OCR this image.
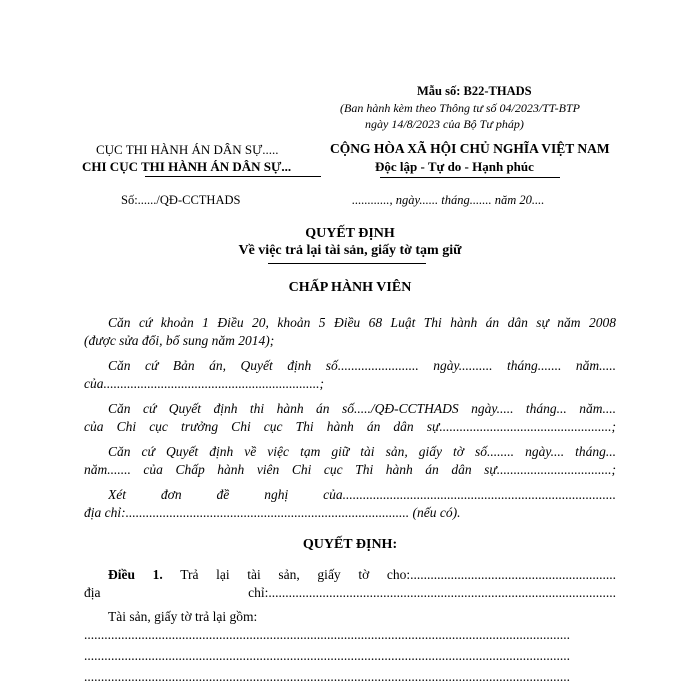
Mẫu số: B22-THADS
(Ban hành kèm theo Thông tư số 04/2023/TT-BTP
ngày 14/8/2023 của Bộ Tư pháp)
CỤC THI HÀNH ÁN DÂN SỰ.....
CHI CỤC THI HÀNH ÁN DÂN SỰ...
CỘNG HÒA XÃ HỘI CHỦ NGHĨA VIỆT NAM
Độc lập - Tự do - Hạnh phúc
Số:....../QĐ-CCTHADS	............, ngày...... tháng....... năm 20....
QUYẾT ĐỊNH
Về việc trả lại tài sản, giấy tờ tạm giữ
CHẤP HÀNH VIÊN
Căn cứ khoản 1 Điều 20, khoản 5 Điều 68 Luật Thi hành án dân sự năm 2008
(được sửa đổi, bổ sung năm 2014);
Căn cứ Bản án, Quyết định số........................ ngày.......... tháng....... năm.....
của................................................................;
Căn cứ Quyết định thi hành án số...../QĐ-CCTHADS ngày..... tháng... năm....
của Chi cục trưởng Chi cục Thi hành án dân sự...................................................;
Căn cứ Quyết định về việc tạm giữ tài sản, giấy tờ số........ ngày.... tháng...
năm....... của Chấp hành viên Chi cục Thi hành án dân sự..................................;
Xét đơn đề nghị của.................................................................................
địa chỉ:.................................................................................... (nếu có).
QUYẾT ĐỊNH:
Điều 1. Trả lại tài sản, giấy tờ cho:.............................................................
địa chỉ:.......................................................................................................
Tài sản, giấy tờ trả lại gồm:
................................................................................................................................................
................................................................................................................................................
................................................................................................................................................
